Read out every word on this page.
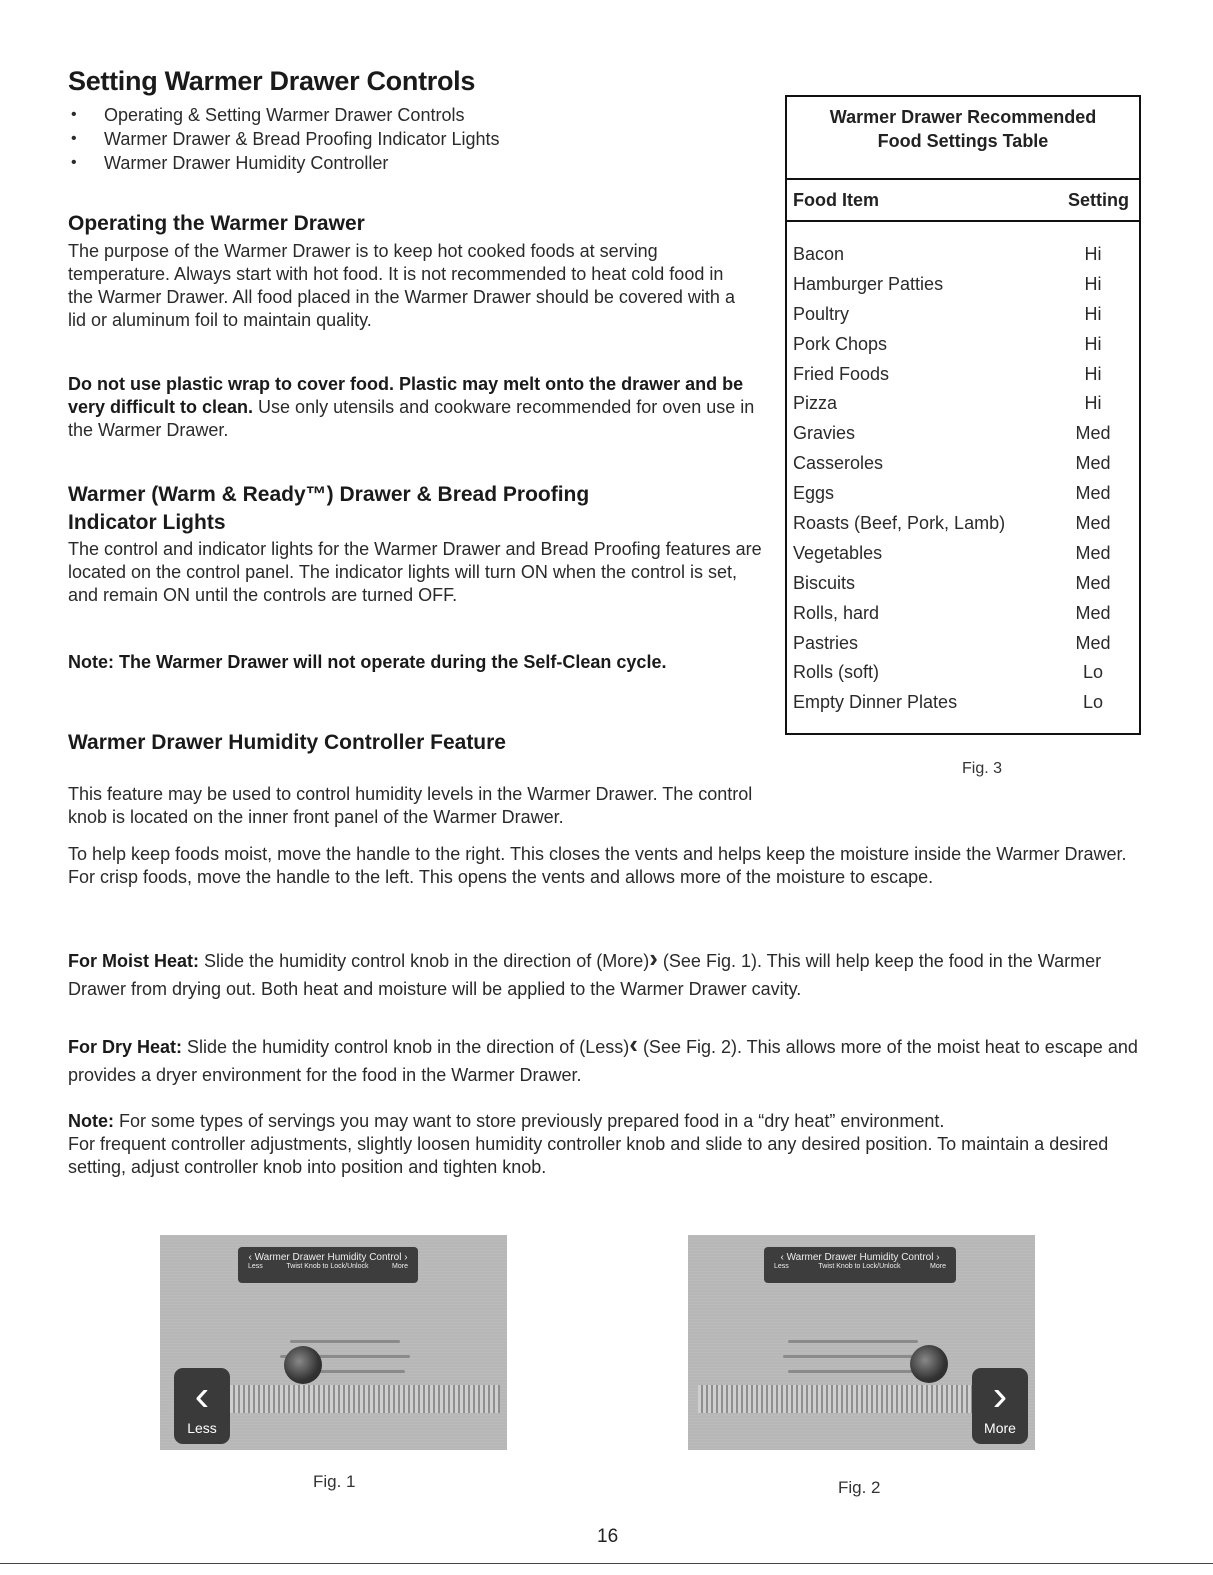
Setting Warmer Drawer Controls
• Operating & Setting Warmer Drawer Controls
• Warmer Drawer & Bread Proofing Indicator Lights
• Warmer Drawer Humidity Controller
Operating the Warmer Drawer

The purpose of the Warmer Drawer is to keep hot cooked foods at serving temperature. Always start with hot food. It is not recommended to heat cold food in the Warmer Drawer. All food placed in the Warmer Drawer should be covered with a lid or aluminum foil to maintain quality.

Do not use plastic wrap to cover food. Plastic may melt onto the drawer and be very difficult to clean. Use only utensils and cookware recommended for oven use in the Warmer Drawer.

Warmer (Warm & Ready™) Drawer & Bread Proofing
Indicator Lights

The control and indicator lights for the Warmer Drawer and Bread Proofing features are located on the control panel. The indicator lights will turn ON when the control is set, and remain ON until the controls are turned OFF.

Note: The Warmer Drawer will not operate during the Self-Clean cycle.

Warmer Drawer Humidity Controller Feature

This feature may be used to control humidity levels in the Warmer Drawer. The control knob is located on the inner front panel of the Warmer Drawer.

To help keep foods moist, move the handle to the right. This closes the vents and helps keep the moisture inside the Warmer Drawer. For crisp foods, move the handle to the left. This opens the vents and allows more of the moisture to escape.

For Moist Heat: Slide the humidity control knob in the direction of (More)› (See Fig. 1). This will help keep the food in the Warmer Drawer from drying out. Both heat and moisture will be applied to the Warmer Drawer cavity.

For Dry Heat: Slide the humidity control knob in the direction of (Less)‹ (See Fig. 2). This allows more of the moist heat to escape and provides a dryer environment for the food in the Warmer Drawer.

Note: For some types of servings you may want to store previously prepared food in a “dry heat” environment.
For frequent controller adjustments, slightly loosen humidity controller knob and slide to any desired position. To maintain a desired setting, adjust controller knob into position and tighten knob.

Warmer Drawer Recommended
Food Settings Table
Food Item	Setting
Bacon	Hi
Hamburger Patties	Hi
Poultry	Hi
Pork Chops	Hi
Fried Foods	Hi
Pizza	Hi
Gravies	Med
Casseroles	Med
Eggs	Med
Roasts (Beef, Pork, Lamb)	Med
Vegetables	Med
Biscuits	Med
Rolls, hard	Med
Pastries	Med
Rolls (soft)	Lo
Empty Dinner Plates	Lo
Fig. 3
‹ Warmer Drawer Humidity Control ›
Less	Twist Knob to Lock/Unlock	More
‹
Less
Fig. 1
‹ Warmer Drawer Humidity Control ›
Less	Twist Knob to Lock/Unlock	More
›
More
Fig. 2
16
